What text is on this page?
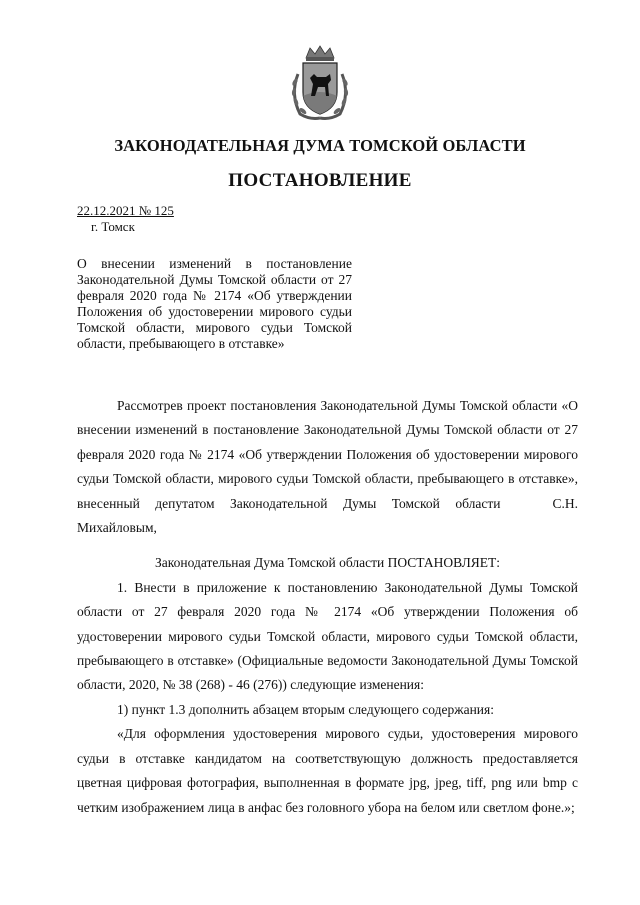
ЗАКОНОДАТЕЛЬНАЯ ДУМА ТОМСКОЙ ОБЛАСТИ
ПОСТАНОВЛЕНИЕ
22.12.2021 № 125
г. Томск
О внесении изменений в постановление Законодательной Думы Томской области от 27 февраля 2020 года № 2174 «Об утверждении Положения об удостоверении мирового судьи Томской области, мирового судьи Томской области, пребывающего в отставке»

Рассмотрев проект постановления Законодательной Думы Томской области «О внесении изменений в постановление Законодательной Думы Томской области от 27 февраля 2020 года № 2174 «Об утверждении Положения об удостоверении мирового судьи Томской области, мирового судьи Томской области, пребывающего в отставке», внесенный депутатом Законодательной Думы Томской области	С.Н. Михайловым,

Законодательная Дума Томской области ПОСТАНОВЛЯЕТ:

1. Внести в приложение к постановлению Законодательной Думы Томской области от 27 февраля 2020 года № 2174 «Об утверждении Положения об удостоверении мирового судьи Томской области, мирового судьи Томской области, пребывающего в отставке» (Официальные ведомости Законодательной Думы Томской области, 2020, № 38 (268) - 46 (276)) следующие изменения:

1) пункт 1.3 дополнить абзацем вторым следующего содержания:

«Для оформления удостоверения мирового судьи, удостоверения мирового судьи в отставке кандидатом на соответствующую должность предоставляется цветная цифровая фотография, выполненная в формате jpg, jpeg, tiff, png или bmp с четким изображением лица в анфас без головного убора на белом или светлом фоне.»;
